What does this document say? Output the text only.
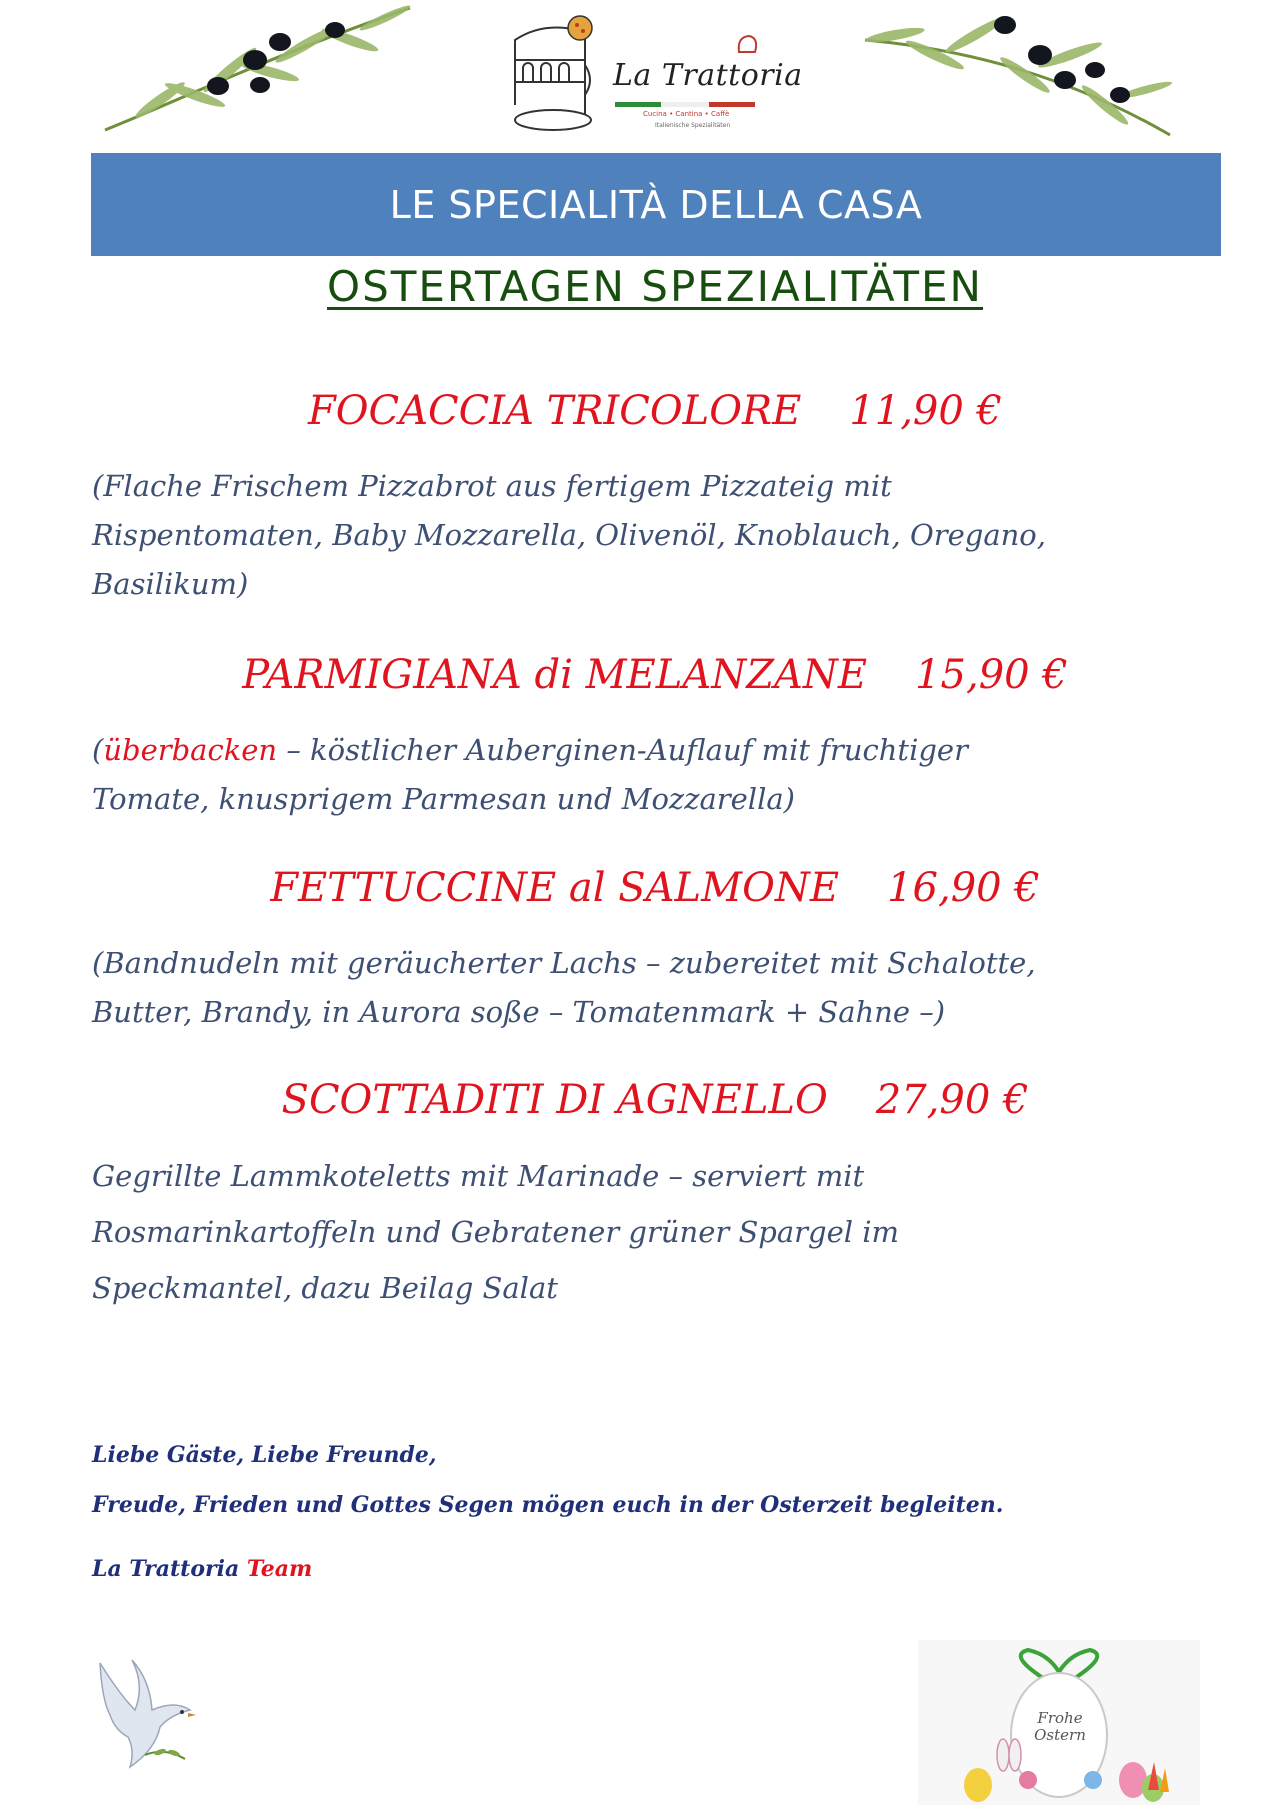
La Trattoria
Cucina • Cantina • Caffè
Italienische Spezialitäten
LE SPECIALITÀ DELLA CASA
OSTERTAGEN SPEZIALITÄTEN
FOCACCIA TRICOLORE 11,90 €
(Flache Frischem Pizzabrot aus fertigem Pizzateig mit
Rispentomaten, Baby Mozzarella, Olivenöl, Knoblauch, Oregano,
Basilikum)
PARMIGIANA di MELANZANE 15,90 €
(überbacken – köstlicher Auberginen-Auflauf mit fruchtiger
Tomate, knusprigem Parmesan und Mozzarella)
FETTUCCINE al SALMONE 16,90 €
(Bandnudeln mit geräucherter Lachs – zubereitet mit Schalotte,
Butter, Brandy, in Aurora soße – Tomatenmark + Sahne –)
SCOTTADITI DI AGNELLO 27,90 €
Gegrillte Lammkoteletts mit Marinade – serviert mit
Rosmarinkartoffeln und Gebratener grüner Spargel im
Speckmantel, dazu Beilag Salat
Liebe Gäste, Liebe Freunde,
Freude, Frieden und Gottes Segen mögen euch in der Osterzeit begleiten.
La Trattoria Team
Frohe
Ostern
